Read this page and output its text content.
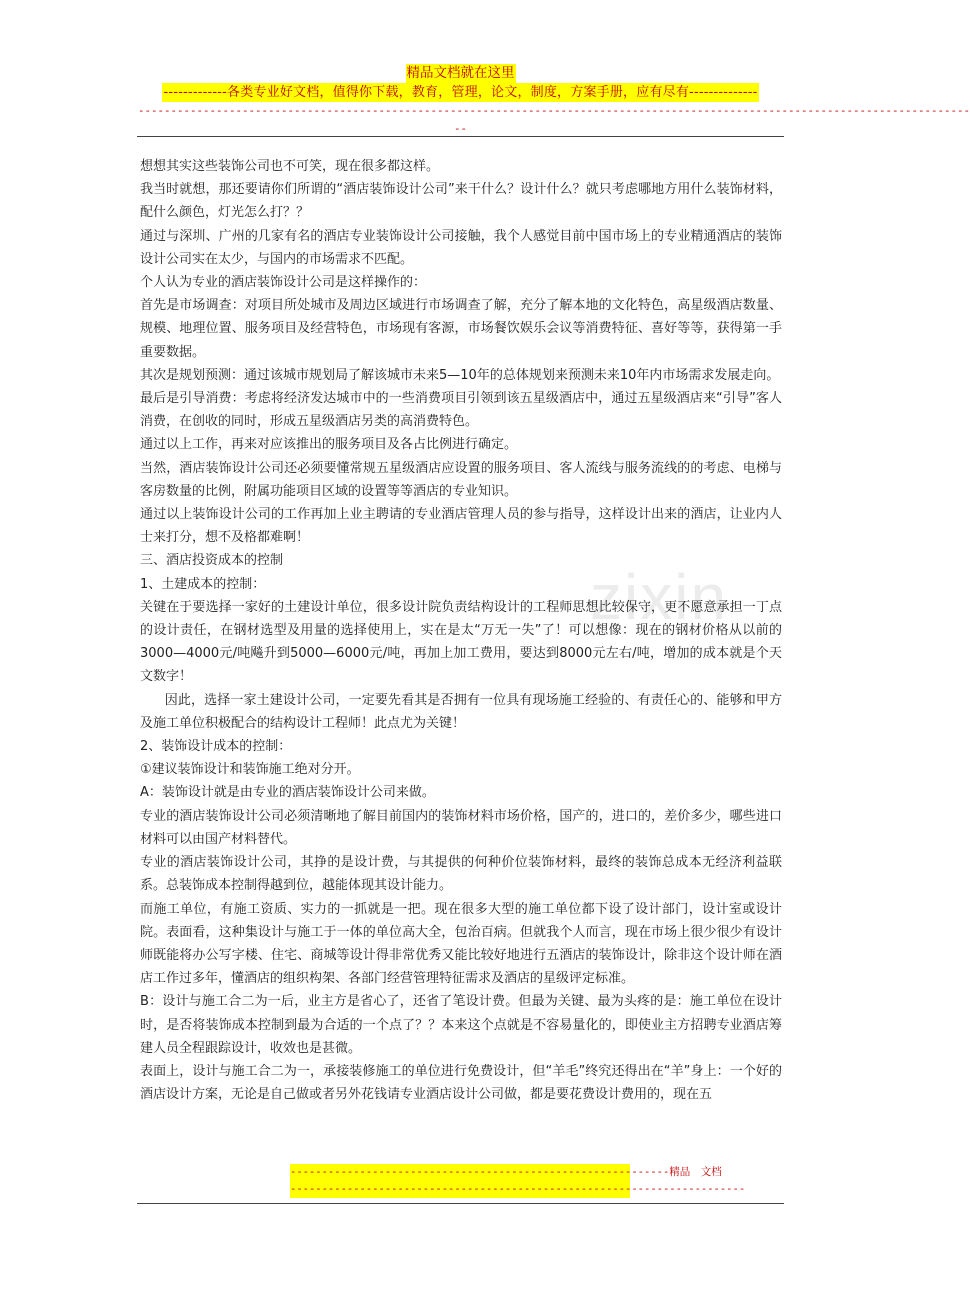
zixin
精品文档就在这里
-------------各类专业好文档，值得你下载，教育，管理，论文，制度，方案手册，应有尽有--------------
--------------------------------------------------------------------------------------------------------------------------------
--

想想其实这些装饰公司也不可笑，现在很多都这样。

我当时就想，那还要请你们所谓的“酒店装饰设计公司”来干什么？设计什么？就只考虑哪地方用什么装饰材料，配什么颜色，灯光怎么打？？

通过与深圳、广州的几家有名的酒店专业装饰设计公司接触，我个人感觉目前中国市场上的专业精通酒店的装饰设计公司实在太少，与国内的市场需求不匹配。

个人认为专业的酒店装饰设计公司是这样操作的：

首先是市场调查：对项目所处城市及周边区域进行市场调查了解，充分了解本地的文化特色，高星级酒店数量、规模、地理位置、服务项目及经营特色，市场现有客源，市场餐饮娱乐会议等消费特征、喜好等等，获得第一手重要数据。

其次是规划预测：通过该城市规划局了解该城市未来5—10年的总体规划来预测未来10年内市场需求发展走向。

最后是引导消费：考虑将经济发达城市中的一些消费项目引领到该五星级酒店中，通过五星级酒店来“引导”客人消费，在创收的同时，形成五星级酒店另类的高消费特色。

通过以上工作，再来对应该推出的服务项目及各占比例进行确定。

当然，酒店装饰设计公司还必须要懂常规五星级酒店应设置的服务项目、客人流线与服务流线的的考虑、电梯与客房数量的比例，附属功能项目区域的设置等等酒店的专业知识。

通过以上装饰设计公司的工作再加上业主聘请的专业酒店管理人员的参与指导，这样设计出来的酒店，让业内人士来打分，想不及格都难啊！

三、酒店投资成本的控制

1、土建成本的控制：

关键在于要选择一家好的土建设计单位，很多设计院负责结构设计的工程师思想比较保守，更不愿意承担一丁点的设计责任，在钢材选型及用量的选择使用上，实在是太“万无一失”了！可以想像：现在的钢材价格从以前的3000—4000元/吨飚升到5000—6000元/吨，再加上加工费用，要达到8000元左右/吨，增加的成本就是个天文数字！

因此，选择一家土建设计公司，一定要先看其是否拥有一位具有现场施工经验的、有责任心的、能够和甲方及施工单位积极配合的结构设计工程师！此点尤为关键！

2、装饰设计成本的控制：

①建议装饰设计和装饰施工绝对分开。

A：装饰设计就是由专业的酒店装饰设计公司来做。

专业的酒店装饰设计公司必须清晰地了解目前国内的装饰材料市场价格，国产的，进口的，差价多少，哪些进口材料可以由国产材料替代。

专业的酒店装饰设计公司，其挣的是设计费，与其提供的何种价位装饰材料，最终的装饰总成本无经济利益联系。总装饰成本控制得越到位，越能体现其设计能力。

而施工单位，有施工资质、实力的一抓就是一把。现在很多大型的施工单位都下设了设计部门，设计室或设计院。表面看，这种集设计与施工于一体的单位高大全，包治百病。但就我个人而言，现在市场上很少很少有设计师既能将办公写字楼、住宅、商城等设计得非常优秀又能比较好地进行五酒店的装饰设计，除非这个设计师在酒店工作过多年，懂酒店的组织构架、各部门经营管理特征需求及酒店的星级评定标准。

B：设计与施工合二为一后，业主方是省心了，还省了笔设计费。但最为关键、最为头疼的是：施工单位在设计时，是否将装饰成本控制到最为合适的一个点了？？本来这个点就是不容易量化的，即使业主方招聘专业酒店筹建人员全程跟踪设计，收效也是甚微。

表面上，设计与施工合二为一，承接装修施工的单位进行免费设计，但“羊毛”终究还得出在“羊”身上：一个好的酒店设计方案，无论是自己做或者另外花钱请专业酒店设计公司做，都是要花费设计费用的，现在五

------------------------------------------------------------精品　文档
------------------------------------------------------------------------
